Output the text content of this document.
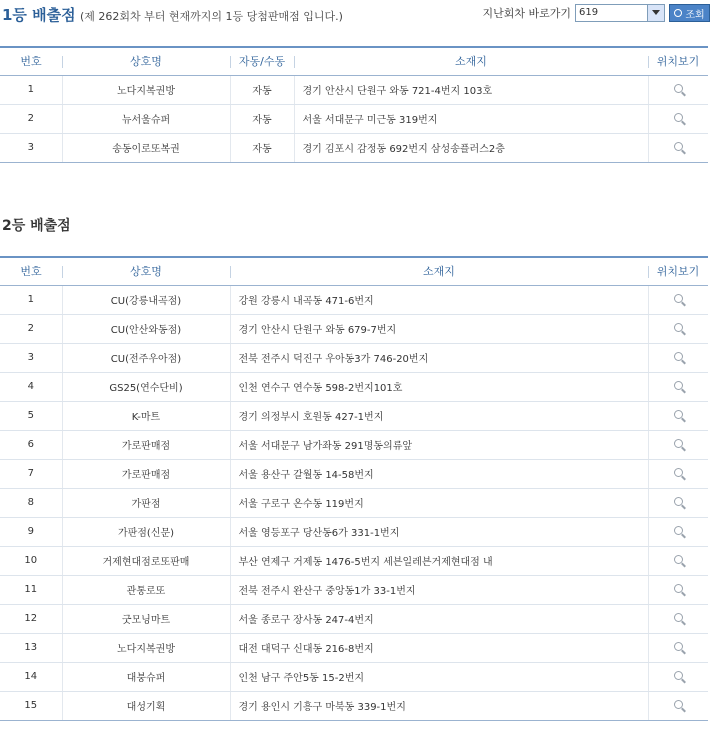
1등 배출점 (제 262회차 부터 현재까지의 1등 당첨판매점 입니다.)	지난회차 바로가기 619	조회
번호	상호명	자동/수동	소재지	위치보기
1	노다지복권방	자동	경기 안산시 단원구 와동 721-4번지 103호	
2	뉴서울슈퍼	자동	서울 서대문구 미근동 319번지	
3	송동이로또복권	자동	경기 김포시 감정동 692번지 삼성송플러스2층	
2등 배출점
번호	상호명	소재지	위치보기
1	CU(강릉내곡점)	강원 강릉시 내곡동 471-6번지	
2	CU(안산와동점)	경기 안산시 단원구 와동 679-7번지	
3	CU(전주우아점)	전북 전주시 덕진구 우아동3가 746-20번지	
4	GS25(연수단비)	인천 연수구 연수동 598-2번지101호	
5	K-마트	경기 의정부시 호원동 427-1번지	
6	가로판매점	서울 서대문구 남가좌동 291명동의류앞	
7	가로판매점	서울 용산구 갈월동 14-58번지	
8	가판점	서울 구로구 온수동 119번지	
9	가판점(신문)	서울 영등포구 당산동6가 331-1번지	
10	거제현대점로또판매	부산 연제구 거제동 1476-5번지 세븐일레븐거제현대점 내	
11	관통로또	전북 전주시 완산구 중앙동1가 33-1번지	
12	굿모닝마트	서울 종로구 장사동 247-4번지	
13	노다지복권방	대전 대덕구 신대동 216-8번지	
14	대붕슈퍼	인천 남구 주안5동 15-2번지	
15	대성기획	경기 용인시 기흥구 마북동 339-1번지	
